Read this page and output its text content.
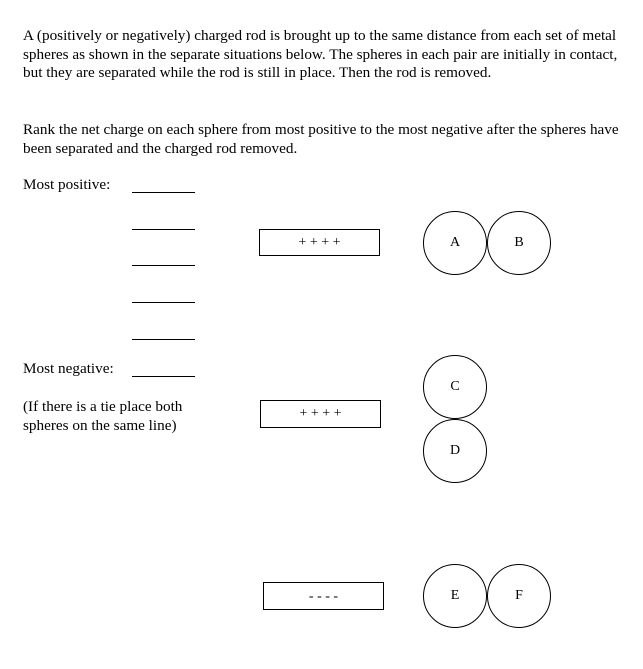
A (positively or negatively) charged rod is brought up to the same distance from each set of metal spheres as shown in the separate situations below. The spheres in each pair are initially in contact, but they are separated while the rod is still in place. Then the rod is removed.

Rank the net charge on each sphere from most positive to the most negative after the spheres have been separated and the charged rod removed.

Most positive:

Most negative:

(If there is a tie place both spheres on the same line)

+ + + +	A	B
+ + + +
C
D
- - - -	E	F
